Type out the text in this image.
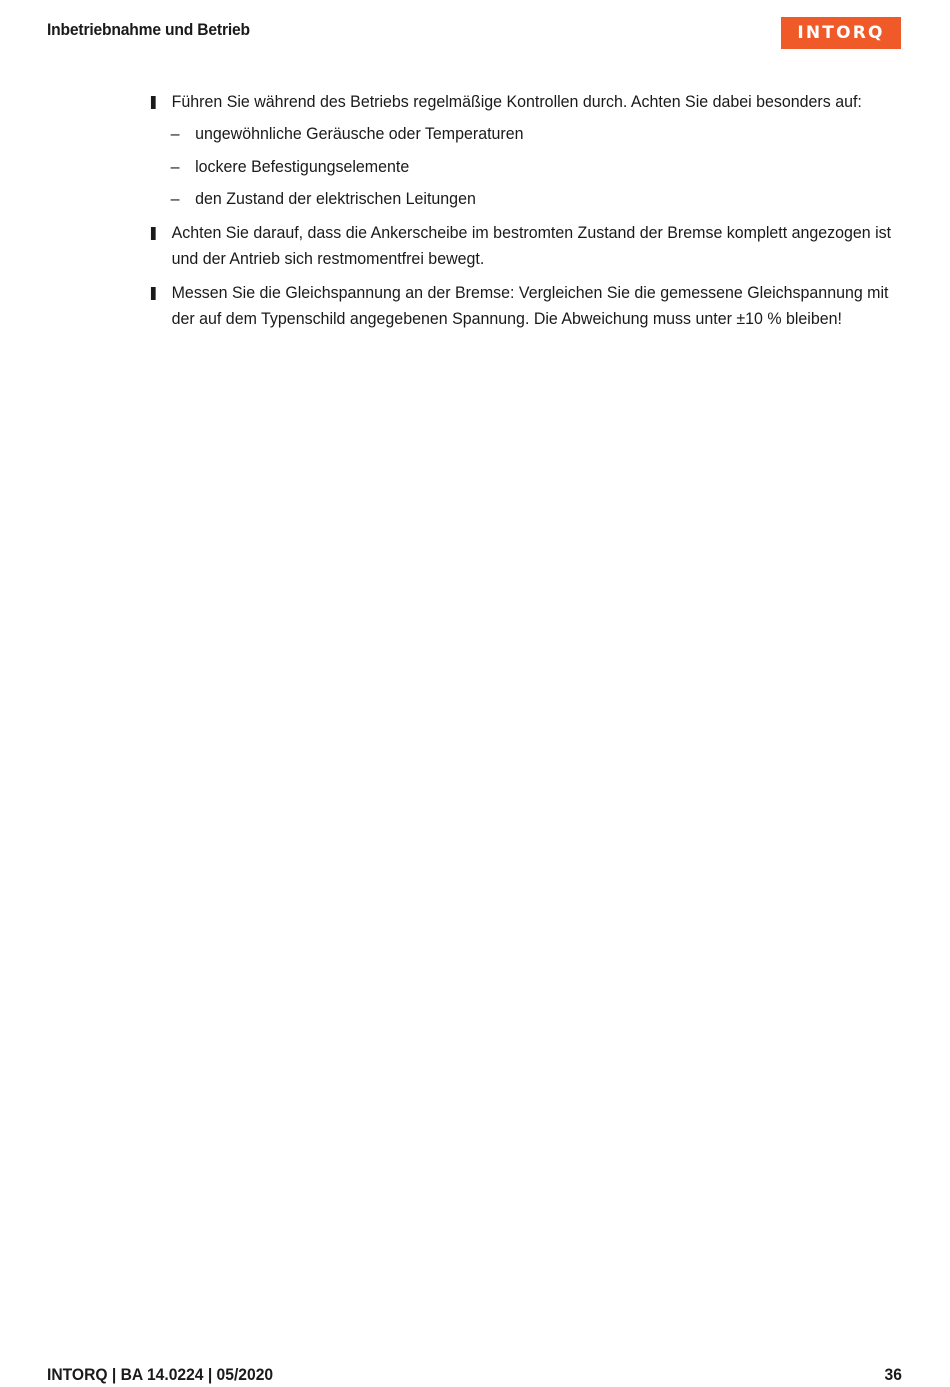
Inbetriebnahme und Betrieb	INTORQ
Führen Sie während des Betriebs regelmäßige Kontrollen durch. Achten Sie dabei besonders auf:
– ungewöhnliche Geräusche oder Temperaturen
– lockere Befestigungselemente
– den Zustand der elektrischen Leitungen
Achten Sie darauf, dass die Ankerscheibe im bestromten Zustand der Bremse komplett angezogen ist und der Antrieb sich restmomentfrei bewegt.
Messen Sie die Gleichspannung an der Bremse: Vergleichen Sie die gemessene Gleichspannung mit der auf dem Typenschild angegebenen Spannung. Die Abweichung muss unter ±10 % bleiben!
INTORQ | BA 14.0224 | 05/2020	36
